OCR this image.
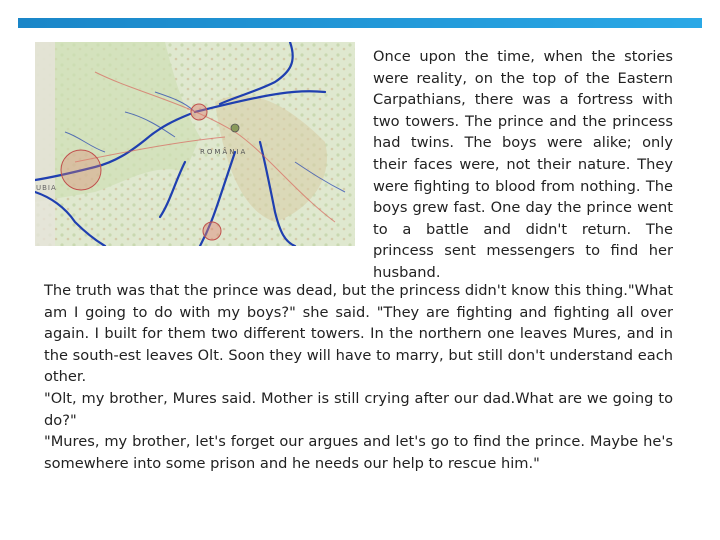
ROMÂNIA
UBIA

Once upon the time, when the stories were reality, on the top of the Eastern Carpathians, there was a fortress with two towers. The prince and the princess had twins. The boys were alike; only their faces were, not their nature. They were fighting to blood from nothing. The boys grew fast. One day the prince went to a battle and didn't return. The princess sent messengers to find her husband.

The truth was that the prince was dead, but the princess didn't know this thing."What am I going to do with my boys?" she said. "They are fighting and fighting all over again. I built for them two different towers. In the northern one leaves Mures, and in the south-est leaves Olt. Soon they will have to marry, but still don't understand each other.

"Olt, my brother, Mures said. Mother is still crying after our dad.What are we going to do?"

"Mures, my brother, let's forget our argues and let's go to find the prince. Maybe he's somewhere into some prison and he needs our help to rescue him."
